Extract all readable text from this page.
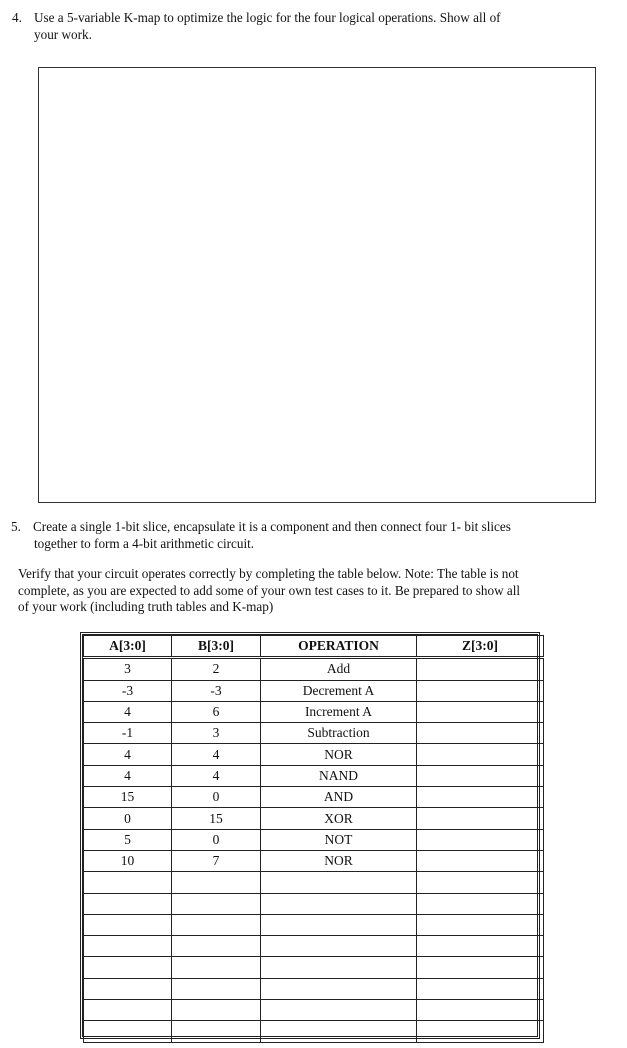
4. Use a 5-variable K-map to optimize the logic for the four logical operations. Show all of
your work.
5. Create a single 1-bit slice, encapsulate it is a component and then connect four 1- bit slices
together to form a 4-bit arithmetic circuit.
Verify that your circuit operates correctly by completing the table below. Note: The table is not
complete, as you are expected to add some of your own test cases to it. Be prepared to show all
of your work (including truth tables and K-map)
A[3:0]	B[3:0]	OPERATION	Z[3:0]
3	2	Add	
-3	-3	Decrement A	
4	6	Increment A	
-1	3	Subtraction	
4	4	NOR	
4	4	NAND	
15	0	AND	
0	15	XOR	
5	0	NOT	
10	7	NOR	
